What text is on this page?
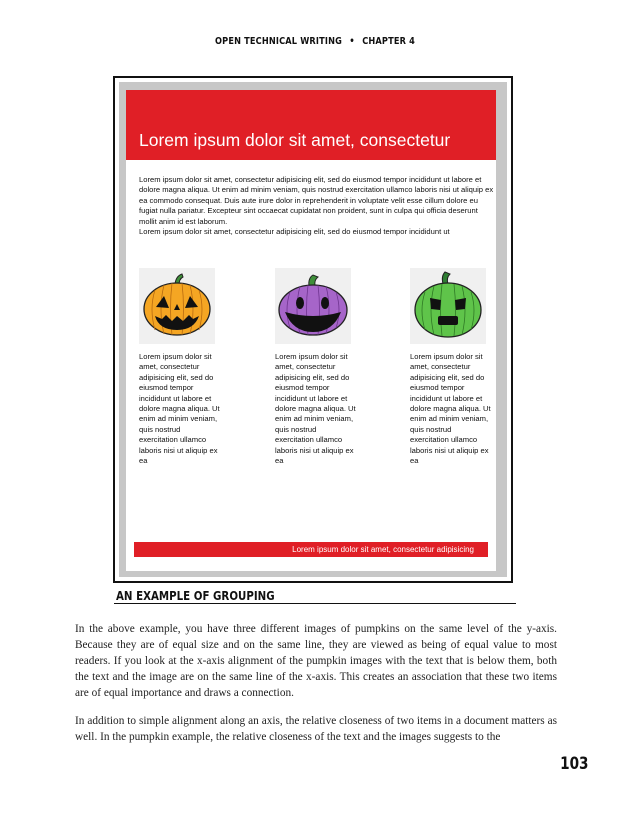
OPEN TECHNICAL WRITING • CHAPTER 4
Lorem ipsum dolor sit amet, consectetur

Lorem ipsum dolor sit amet, consectetur adipisicing elit, sed do eiusmod tempor incididunt ut labore et dolore magna aliqua. Ut enim ad minim veniam, quis nostrud exercitation ullamco laboris nisi ut aliquip ex ea commodo consequat. Duis aute irure dolor in reprehenderit in voluptate velit esse cillum dolore eu fugiat nulla pariatur. Excepteur sint occaecat cupidatat non proident, sunt in culpa qui officia deserunt mollit anim id est laborum.

Lorem ipsum dolor sit amet, consectetur adipisicing elit, sed do eiusmod tempor incididunt ut

Lorem ipsum dolor sit amet, consectetur adipisicing elit, sed do eiusmod tempor incididunt ut labore et dolore magna aliqua. Ut enim ad minim veniam, quis nostrud exercitation ullamco laboris nisi ut aliquip ex ea

Lorem ipsum dolor sit amet, consectetur adipisicing elit, sed do eiusmod tempor incididunt ut labore et dolore magna aliqua. Ut enim ad minim veniam, quis nostrud exercitation ullamco laboris nisi ut aliquip ex ea

Lorem ipsum dolor sit amet, consectetur adipisicing elit, sed do eiusmod tempor incididunt ut labore et dolore magna aliqua. Ut enim ad minim veniam, quis nostrud exercitation ullamco laboris nisi ut aliquip ex ea

Lorem ipsum dolor sit amet, consectetur adipisicing
AN EXAMPLE OF GROUPING

In the above example, you have three different images of pumpkins on the same level of the y-axis. Because they are of equal size and on the same line, they are viewed as being of equal value to most readers. If you look at the x-axis alignment of the pumpkin images with the text that is below them, both the text and the image are on the same line of the x-axis. This creates an association that these two items are of equal importance and draws a connection.

In addition to simple alignment along an axis, the relative closeness of two items in a document matters as well. In the pumpkin example, the relative closeness of the text and the images suggests to the

103
